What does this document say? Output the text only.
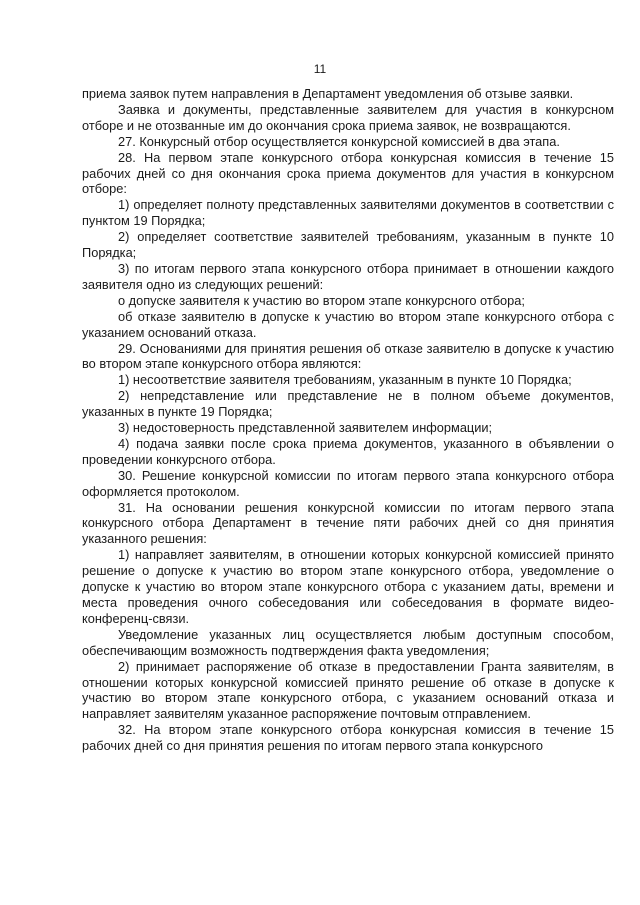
11

приема заявок путем направления в Департамент уведомления об отзыве заявки.

Заявка и документы, представленные заявителем для участия в конкурсном отборе и не отозванные им до окончания срока приема заявок, не возвращаются.

27. Конкурсный отбор осуществляется конкурсной комиссией в два этапа.

28. На первом этапе конкурсного отбора конкурсная комиссия в течение 15 рабочих дней со дня окончания срока приема документов для участия в конкурсном отборе:

1) определяет полноту представленных заявителями документов в соответствии с пунктом 19 Порядка;

2) определяет соответствие заявителей требованиям, указанным в пункте 10 Порядка;

3) по итогам первого этапа конкурсного отбора принимает в отношении каждого заявителя одно из следующих решений:

о допуске заявителя к участию во втором этапе конкурсного отбора;

об отказе заявителю в допуске к участию во втором этапе конкурсного отбора с указанием оснований отказа.

29. Основаниями для принятия решения об отказе заявителю в допуске к участию во втором этапе конкурсного отбора являются:

1) несоответствие заявителя требованиям, указанным в пункте 10 Порядка;

2) непредставление или представление не в полном объеме документов, указанных в пункте 19 Порядка;

3) недостоверность представленной заявителем информации;

4) подача заявки после срока приема документов, указанного в объявлении о проведении конкурсного отбора.

30. Решение конкурсной комиссии по итогам первого этапа конкурсного отбора оформляется протоколом.

31. На основании решения конкурсной комиссии по итогам первого этапа конкурсного отбора Департамент в течение пяти рабочих дней со дня принятия указанного решения:

1) направляет заявителям, в отношении которых конкурсной комиссией принято решение о допуске к участию во втором этапе конкурсного отбора, уведомление о допуске к участию во втором этапе конкурсного отбора с указанием даты, времени и места проведения очного собеседования или собеседования в формате видео-конференц-связи.

Уведомление указанных лиц осуществляется любым доступным способом, обеспечивающим возможность подтверждения факта уведомления;

2) принимает распоряжение об отказе в предоставлении Гранта заявителям, в отношении которых конкурсной комиссией принято решение об отказе в допуске к участию во втором этапе конкурсного отбора, с указанием оснований отказа и направляет заявителям указанное распоряжение почтовым отправлением.

32. На втором этапе конкурсного отбора конкурсная комиссия в течение 15 рабочих дней со дня принятия решения по итогам первого этапа конкурсного
